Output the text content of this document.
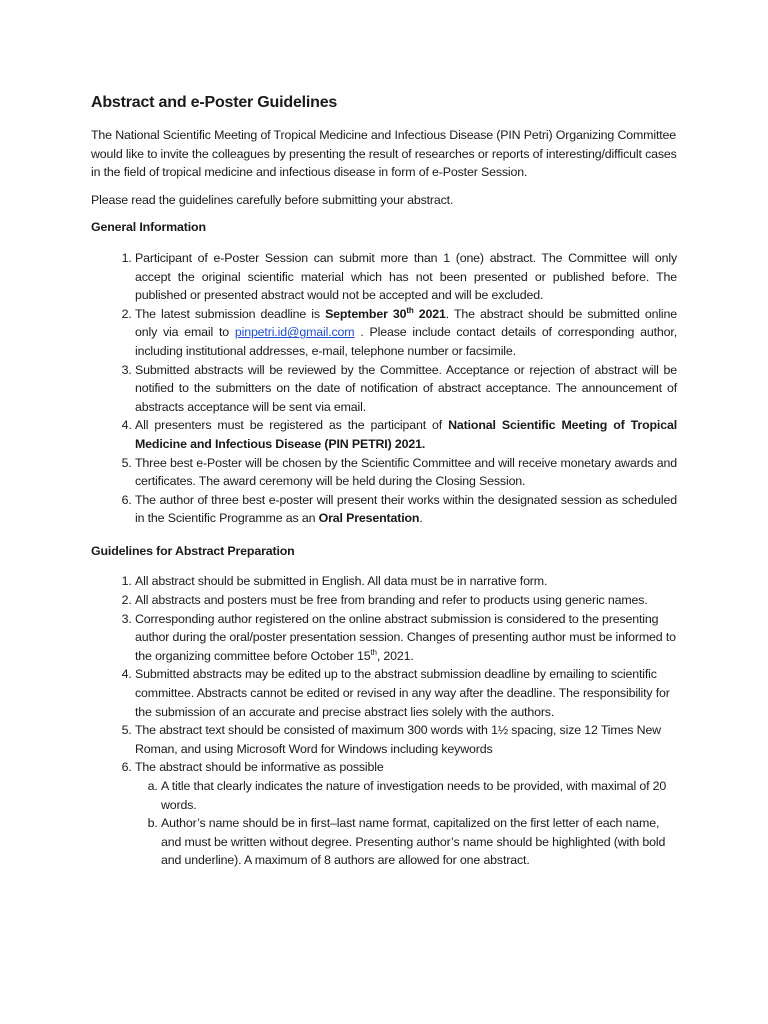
Abstract and e-Poster Guidelines

The National Scientific Meeting of Tropical Medicine and Infectious Disease (PIN Petri) Organizing Committee would like to invite the colleagues by presenting the result of researches or reports of interesting/difficult cases in the field of tropical medicine and infectious disease in form of e-Poster Session.

Please read the guidelines carefully before submitting your abstract.

General Information
1. Participant of e-Poster Session can submit more than 1 (one) abstract. The Committee will only accept the original scientific material which has not been presented or published before. The published or presented abstract would not be accepted and will be excluded.
2. The latest submission deadline is September 30th 2021. The abstract should be submitted online only via email to pinpetri.id@gmail.com . Please include contact details of corresponding author, including institutional addresses, e-mail, telephone number or facsimile.
3. Submitted abstracts will be reviewed by the Committee. Acceptance or rejection of abstract will be notified to the submitters on the date of notification of abstract acceptance. The announcement of abstracts acceptance will be sent via email.
4. All presenters must be registered as the participant of National Scientific Meeting of Tropical Medicine and Infectious Disease (PIN PETRI) 2021.
5. Three best e-Poster will be chosen by the Scientific Committee and will receive monetary awards and certificates. The award ceremony will be held during the Closing Session.
6. The author of three best e-poster will present their works within the designated session as scheduled in the Scientific Programme as an Oral Presentation.
Guidelines for Abstract Preparation
1. All abstract should be submitted in English. All data must be in narrative form.
2. All abstracts and posters must be free from branding and refer to products using generic names.
3. Corresponding author registered on the online abstract submission is considered to the presenting author during the oral/poster presentation session. Changes of presenting author must be informed to the organizing committee before October 15th, 2021.
4. Submitted abstracts may be edited up to the abstract submission deadline by emailing to scientific committee. Abstracts cannot be edited or revised in any way after the deadline. The responsibility for the submission of an accurate and precise abstract lies solely with the authors.
5. The abstract text should be consisted of maximum 300 words with 1½ spacing, size 12 Times New Roman, and using Microsoft Word for Windows including keywords
6. The abstract should be informative as possible
a. A title that clearly indicates the nature of investigation needs to be provided, with maximal of 20 words.
b. Author’s name should be in first–last name format, capitalized on the first letter of each name, and must be written without degree. Presenting author’s name should be highlighted (with bold and underline). A maximum of 8 authors are allowed for one abstract.
